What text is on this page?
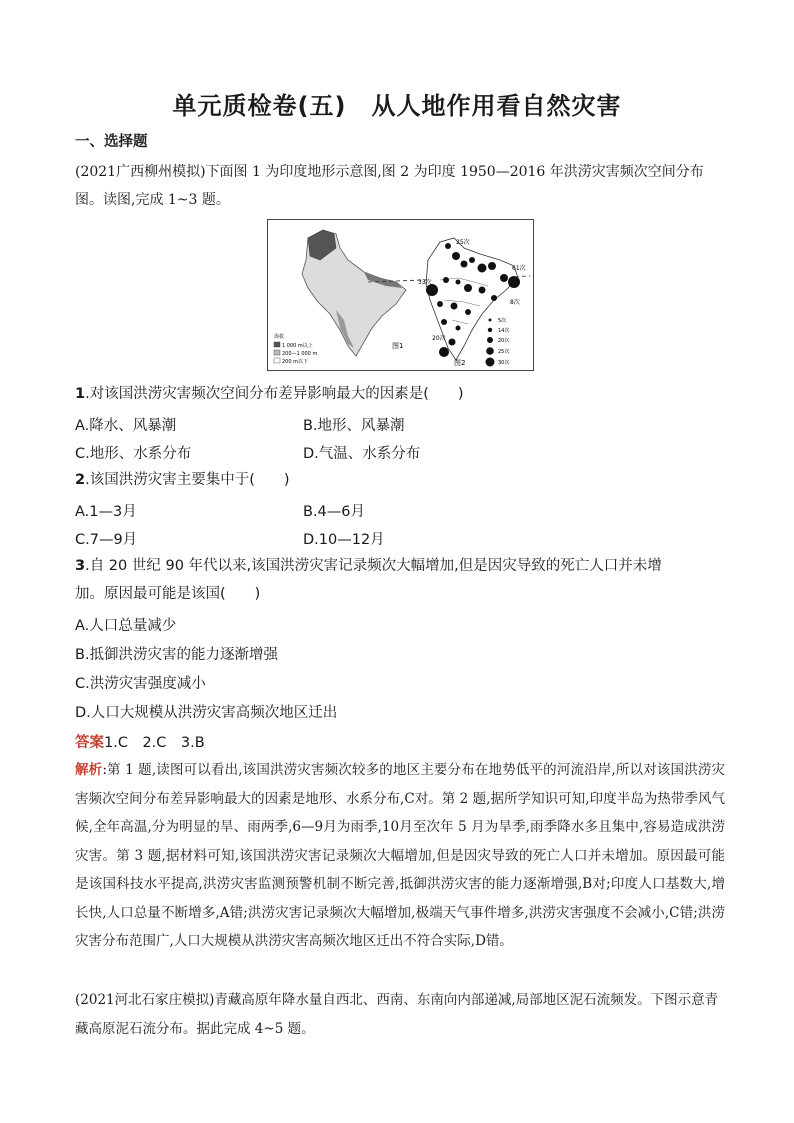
单元质检卷(五)　从人地作用看自然灾害
一、选择题
(2021广西柳州模拟)下面图 1 为印度地形示意图,图 2 为印度 1950—2016 年洪涝灾害频次空间分布图。读图,完成 1~3 题。
图1
海拔
1 000 m以上
200—1 000 m
200 m以下
25次
61次
33次
8次
20次
图2
5次
14次
20次
25次
30次
1.对该国洪涝灾害频次空间分布差异影响最大的因素是(　　)
A.降水、风暴潮	B.地形、风暴潮
C.地形、水系分布	D.气温、水系分布
2.该国洪涝灾害主要集中于(　　)
A.1—3月	B.4—6月
C.7—9月	D.10—12月
3.自 20 世纪 90 年代以来,该国洪涝灾害记录频次大幅增加,但是因灾导致的死亡人口并未增
加。原因最可能是该国(　　)
A.人口总量减少
B.抵御洪涝灾害的能力逐渐增强
C.洪涝灾害强度减小
D.人口大规模从洪涝灾害高频次地区迁出
答案1.C　2.C　3.B
解析:第 1 题,读图可以看出,该国洪涝灾害频次较多的地区主要分布在地势低平的河流沿岸,所以对该国洪涝灾害频次空间分布差异影响最大的因素是地形、水系分布,C对。第 2 题,据所学知识可知,印度半岛为热带季风气候,全年高温,分为明显的旱、雨两季,6—9月为雨季,10月至次年 5 月为旱季,雨季降水多且集中,容易造成洪涝灾害。第 3 题,据材料可知,该国洪涝灾害记录频次大幅增加,但是因灾导致的死亡人口并未增加。原因最可能是该国科技水平提高,洪涝灾害监测预警机制不断完善,抵御洪涝灾害的能力逐渐增强,B对;印度人口基数大,增长快,人口总量不断增多,A错;洪涝灾害记录频次大幅增加,极端天气事件增多,洪涝灾害强度不会减小,C错;洪涝灾害分布范围广,人口大规模从洪涝灾害高频次地区迁出不符合实际,D错。
(2021河北石家庄模拟)青藏高原年降水量自西北、西南、东南向内部递减,局部地区泥石流频发。下图示意青藏高原泥石流分布。据此完成 4~5 题。
